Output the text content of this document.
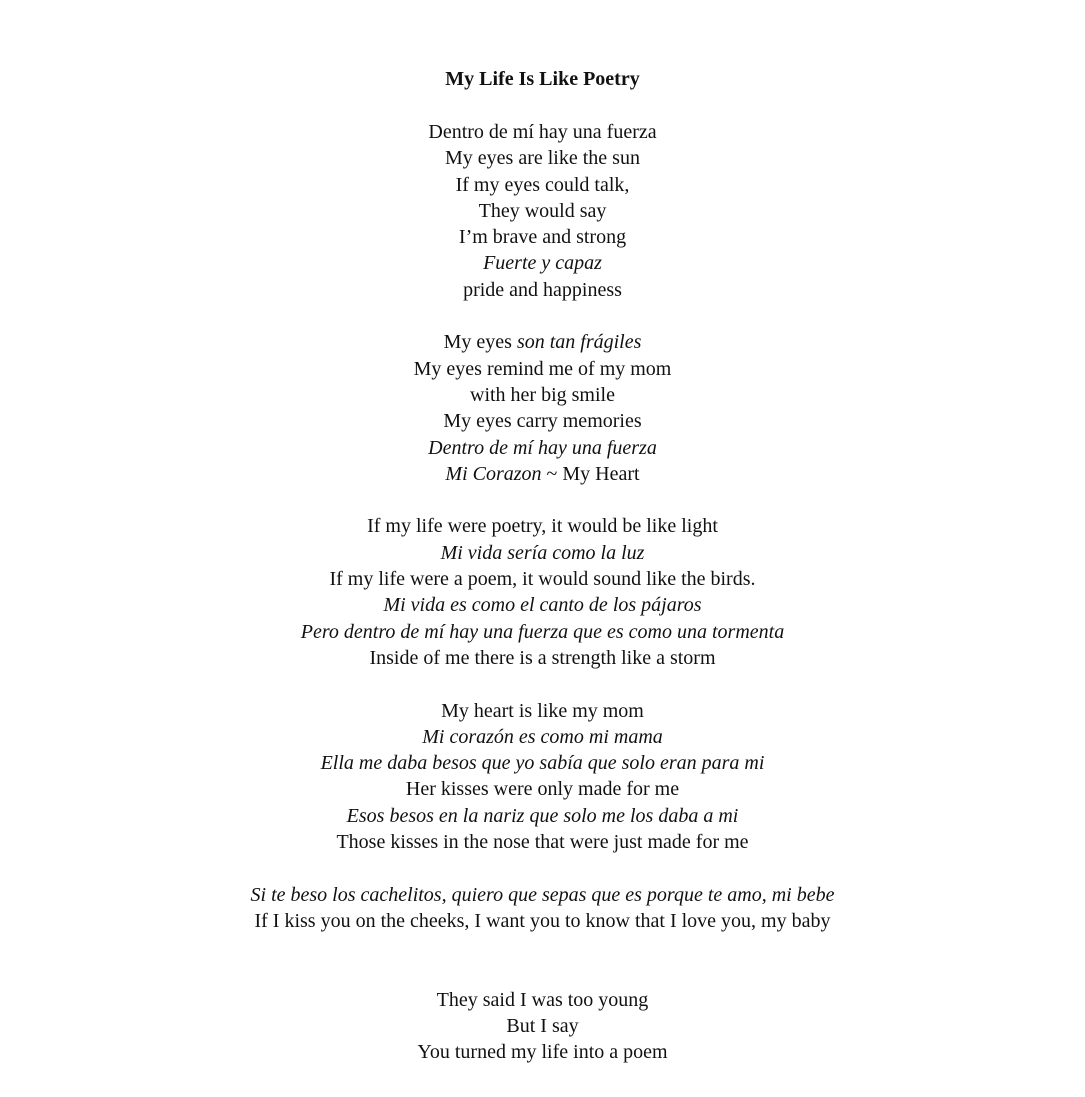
My Life Is Like Poetry
Dentro de mí hay una fuerza
My eyes are like the sun
If my eyes could talk,
They would say
I’m brave and strong
Fuerte y capaz
pride and happiness
My eyes son tan frágiles
My eyes remind me of my mom
with her big smile
My eyes carry memories
Dentro de mí hay una fuerza
Mi Corazon ~ My Heart
If my life were poetry, it would be like light
Mi vida sería como la luz
If my life were a poem, it would sound like the birds.
Mi vida es como el canto de los pájaros
Pero dentro de mí hay una fuerza que es como una tormenta
Inside of me there is a strength like a storm
My heart is like my mom
Mi corazón es como mi mama
Ella me daba besos que yo sabía que solo eran para mi
Her kisses were only made for me
Esos besos en la nariz que solo me los daba a mi
Those kisses in the nose that were just made for me
Si te beso los cachelitos, quiero que sepas que es porque te amo, mi bebe
If I kiss you on the cheeks, I want you to know that I love you, my baby
They said I was too young
But I say
You turned my life into a poem
